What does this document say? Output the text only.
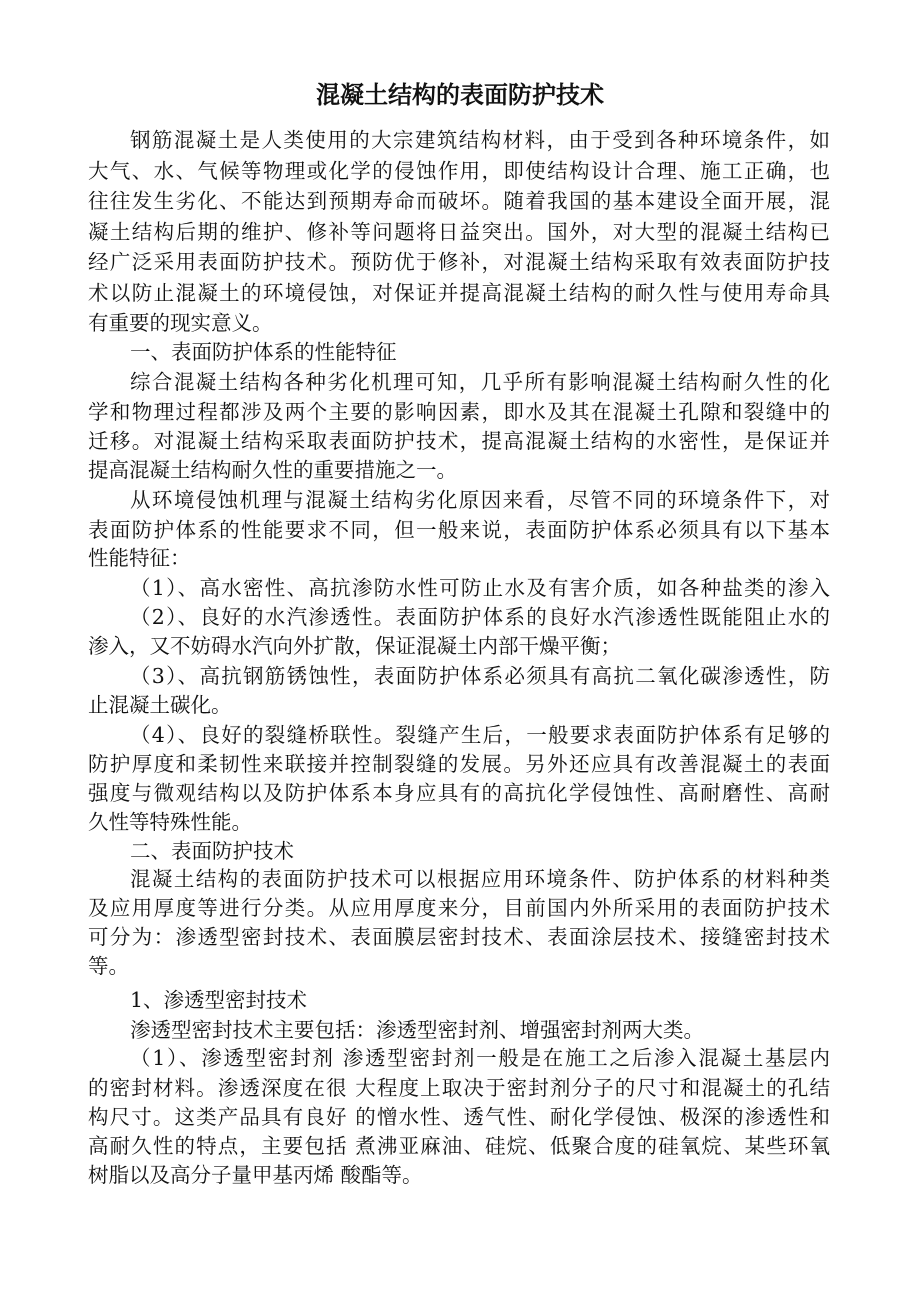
混凝土结构的表面防护技术
钢筋混凝土是人类使用的大宗建筑结构材料，由于受到各种环境条件，如
大气、水、气候等物理或化学的侵蚀作用，即使结构设计合理、施工正确，也
往往发生劣化、不能达到预期寿命而破坏。随着我国的基本建设全面开展，混
凝土结构后期的维护、修补等问题将日益突出。国外，对大型的混凝土结构已
经广泛采用表面防护技术。预防优于修补，对混凝土结构采取有效表面防护技
术以防止混凝土的环境侵蚀，对保证并提高混凝土结构的耐久性与使用寿命具
有重要的现实意义。
一、表面防护体系的性能特征
综合混凝土结构各种劣化机理可知，几乎所有影响混凝土结构耐久性的化
学和物理过程都涉及两个主要的影响因素，即水及其在混凝土孔隙和裂缝中的
迁移。对混凝土结构采取表面防护技术，提高混凝土结构的水密性，是保证并
提高混凝土结构耐久性的重要措施之一。
从环境侵蚀机理与混凝土结构劣化原因来看，尽管不同的环境条件下，对
表面防护体系的性能要求不同，但一般来说，表面防护体系必须具有以下基本
性能特征：
（1）、高水密性、高抗渗防水性可防止水及有害介质，如各种盐类的渗入
（2）、良好的水汽渗透性。表面防护体系的良好水汽渗透性既能阻止水的
渗入，又不妨碍水汽向外扩散，保证混凝土内部干燥平衡；
（3）、高抗钢筋锈蚀性，表面防护体系必须具有高抗二氧化碳渗透性，防
止混凝土碳化。
（4）、良好的裂缝桥联性。裂缝产生后，一般要求表面防护体系有足够的
防护厚度和柔韧性来联接并控制裂缝的发展。另外还应具有改善混凝土的表面
强度与微观结构以及防护体系本身应具有的高抗化学侵蚀性、高耐磨性、高耐
久性等特殊性能。
二、表面防护技术
混凝土结构的表面防护技术可以根据应用环境条件、防护体系的材料种类
及应用厚度等进行分类。从应用厚度来分，目前国内外所采用的表面防护技术
可分为：渗透型密封技术、表面膜层密封技术、表面涂层技术、接缝密封技术
等。
1、渗透型密封技术
渗透型密封技术主要包括：渗透型密封剂、增强密封剂两大类。
（1）、渗透型密封剂 渗透型密封剂一般是在施工之后渗入混凝土基层内
的密封材料。渗透深度在很 大程度上取决于密封剂分子的尺寸和混凝土的孔结
构尺寸。这类产品具有良好 的憎水性、透气性、耐化学侵蚀、极深的渗透性和
高耐久性的特点，主要包括 煮沸亚麻油、硅烷、低聚合度的硅氧烷、某些环氧
树脂以及高分子量甲基丙烯 酸酯等。
